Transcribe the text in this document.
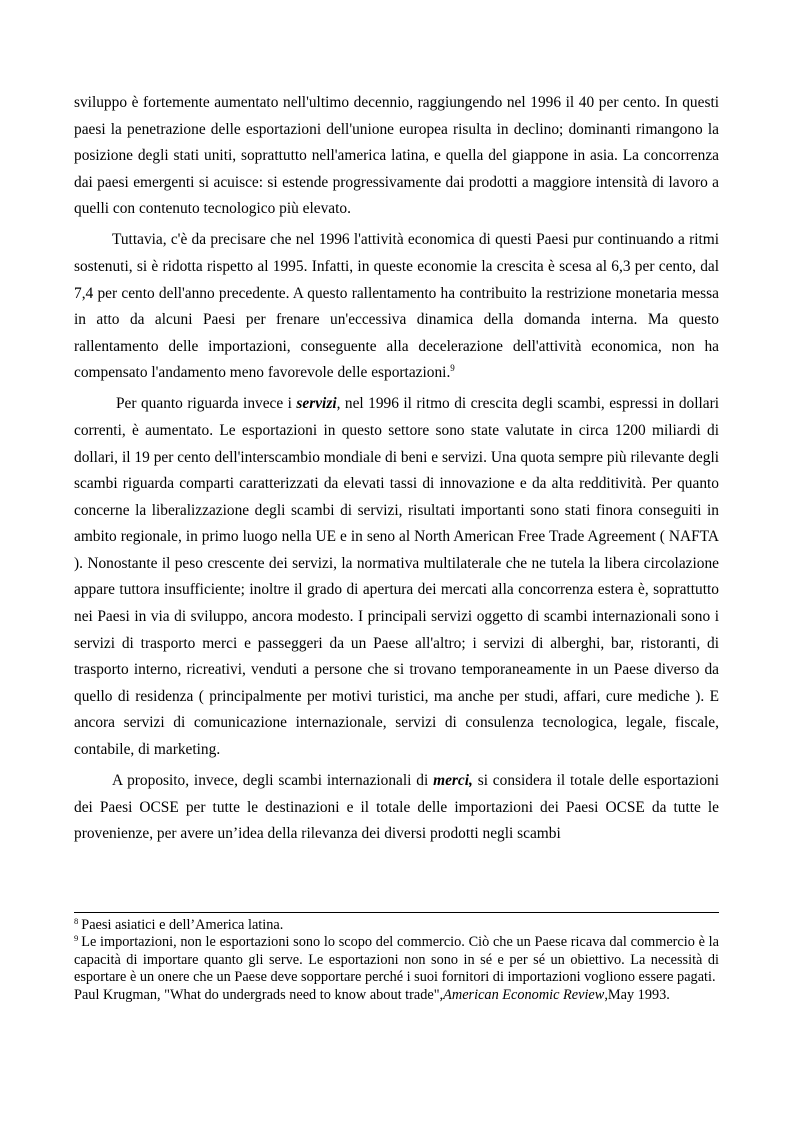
sviluppo è fortemente aumentato nell'ultimo decennio, raggiungendo nel 1996 il 40 per cento. In questi paesi la penetrazione delle esportazioni dell'unione europea risulta in declino; dominanti rimangono la posizione degli stati uniti, soprattutto nell'america latina, e quella del giappone in asia. La concorrenza dai paesi emergenti si acuisce: si estende progressivamente dai prodotti a maggiore intensità di lavoro a quelli con contenuto tecnologico più elevato.

Tuttavia, c'è da precisare che nel 1996 l'attività economica di questi Paesi pur continuando a ritmi sostenuti, si è ridotta rispetto al 1995. Infatti, in queste economie la crescita è scesa al 6,3 per cento, dal 7,4 per cento dell'anno precedente. A questo rallentamento ha contribuito la restrizione monetaria messa in atto da alcuni Paesi per frenare un'eccessiva dinamica della domanda interna. Ma questo rallentamento delle importazioni, conseguente alla decelerazione dell'attività economica, non ha compensato l'andamento meno favorevole delle esportazioni.$^9$

Per quanto riguarda invece i servizi, nel 1996 il ritmo di crescita degli scambi, espressi in dollari correnti, è aumentato. Le esportazioni in questo settore sono state valutate in circa 1200 miliardi di dollari, il 19 per cento dell'interscambio mondiale di beni e servizi. Una quota sempre più rilevante degli scambi riguarda comparti caratterizzati da elevati tassi di innovazione e da alta redditività. Per quanto concerne la liberalizzazione degli scambi di servizi, risultati importanti sono stati finora conseguiti in ambito regionale, in primo luogo nella UE e in seno al North American Free Trade Agreement ( NAFTA ). Nonostante il peso crescente dei servizi, la normativa multilaterale che ne tutela la libera circolazione appare tuttora insufficiente; inoltre il grado di apertura dei mercati alla concorrenza estera è, soprattutto nei Paesi in via di sviluppo, ancora modesto. I principali servizi oggetto di scambi internazionali sono i servizi di trasporto merci e passeggeri da un Paese all'altro; i servizi di alberghi, bar, ristoranti, di trasporto interno, ricreativi, venduti a persone che si trovano temporaneamente in un Paese diverso da quello di residenza ( principalmente per motivi turistici, ma anche per studi, affari, cure mediche ). E ancora servizi di comunicazione internazionale, servizi di consulenza tecnologica, legale, fiscale, contabile, di marketing.

A proposito, invece, degli scambi internazionali di merci, si considera il totale delle esportazioni dei Paesi OCSE per tutte le destinazioni e il totale delle importazioni dei Paesi OCSE da tutte le provenienze, per avere un’idea della rilevanza dei diversi prodotti negli scambi

$^8$ Paesi asiatici e dell’America latina.

$^9$ Le importazioni, non le esportazioni sono lo scopo del commercio. Ciò che un Paese ricava dal commercio è la capacità di importare quanto gli serve. Le esportazioni non sono in sé e per sé un obiettivo. La necessità di esportare è un onere che un Paese deve sopportare perché i suoi fornitori di importazioni vogliono essere pagati.

Paul Krugman, "What do undergrads need to know about trade",American Economic Review,May 1993.
